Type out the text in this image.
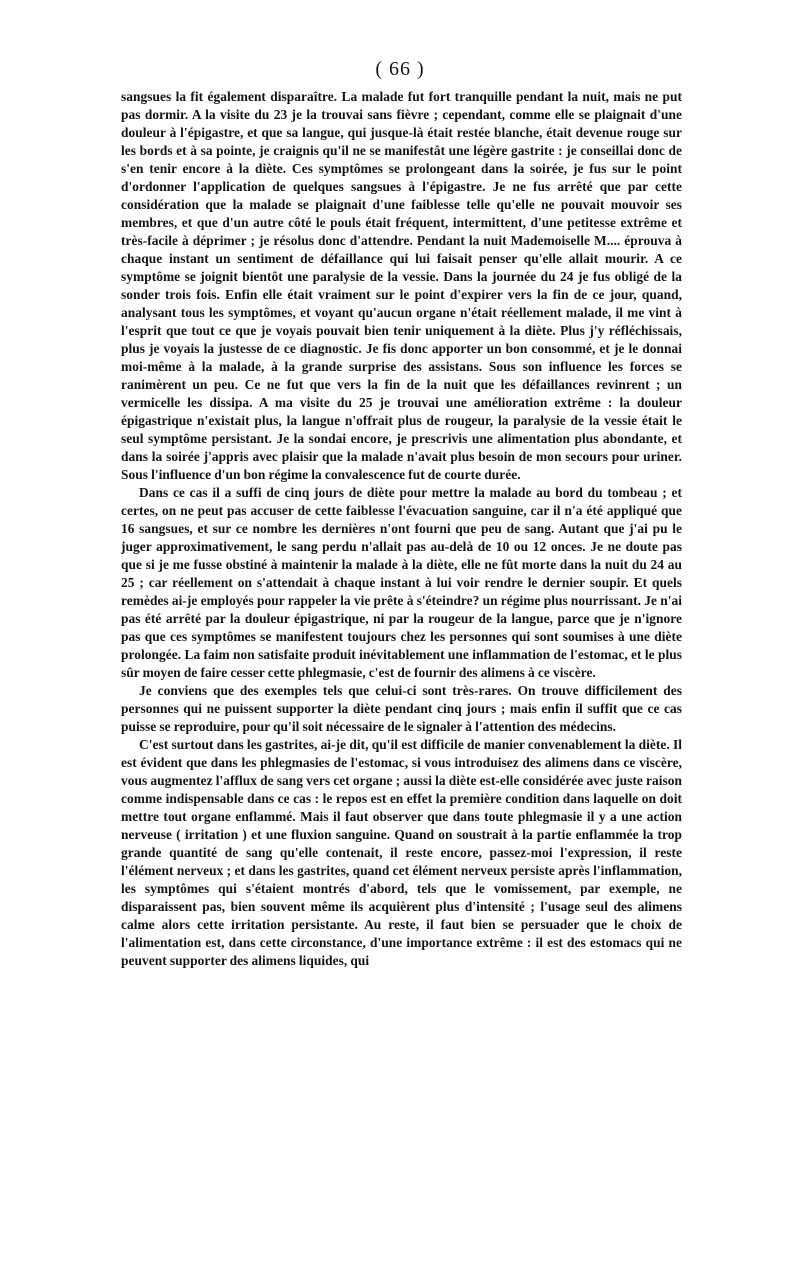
( 66 )

sangsues la fit également disparaître. La malade fut fort tranquille pendant la nuit, mais ne put pas dormir. A la visite du 23 je la trouvai sans fièvre ; cependant, comme elle se plaignait d'une douleur à l'épigastre, et que sa langue, qui jusque-là était restée blanche, était devenue rouge sur les bords et à sa pointe, je craignis qu'il ne se manifestât une légère gastrite : je conseillai donc de s'en tenir encore à la diète. Ces symptômes se prolongeant dans la soirée, je fus sur le point d'ordonner l'application de quelques sangsues à l'épigastre. Je ne fus arrêté que par cette considération que la malade se plaignait d'une faiblesse telle qu'elle ne pouvait mouvoir ses membres, et que d'un autre côté le pouls était fréquent, intermittent, d'une petitesse extrême et très-facile à déprimer ; je résolus donc d'attendre. Pendant la nuit Mademoiselle M.... éprouva à chaque instant un sentiment de défaillance qui lui faisait penser qu'elle allait mourir. A ce symptôme se joignit bientôt une paralysie de la vessie. Dans la journée du 24 je fus obligé de la sonder trois fois. Enfin elle était vraiment sur le point d'expirer vers la fin de ce jour, quand, analysant tous les symptômes, et voyant qu'aucun organe n'était réellement malade, il me vint à l'esprit que tout ce que je voyais pouvait bien tenir uniquement à la diète. Plus j'y réfléchissais, plus je voyais la justesse de ce diagnostic. Je fis donc apporter un bon consommé, et je le donnai moi-même à la malade, à la grande surprise des assistans. Sous son influence les forces se ranimèrent un peu. Ce ne fut que vers la fin de la nuit que les défaillances revinrent ; un vermicelle les dissipa. A ma visite du 25 je trouvai une amélioration extrême : la douleur épigastrique n'existait plus, la langue n'offrait plus de rougeur, la paralysie de la vessie était le seul symptôme persistant. Je la sondai encore, je prescrivis une alimentation plus abondante, et dans la soirée j'appris avec plaisir que la malade n'avait plus besoin de mon secours pour uriner. Sous l'influence d'un bon régime la convalescence fut de courte durée.

Dans ce cas il a suffi de cinq jours de diète pour mettre la malade au bord du tombeau ; et certes, on ne peut pas accuser de cette faiblesse l'évacuation sanguine, car il n'a été appliqué que 16 sangsues, et sur ce nombre les dernières n'ont fourni que peu de sang. Autant que j'ai pu le juger approximativement, le sang perdu n'allait pas au-delà de 10 ou 12 onces. Je ne doute pas que si je me fusse obstiné à maintenir la malade à la diète, elle ne fût morte dans la nuit du 24 au 25 ; car réellement on s'attendait à chaque instant à lui voir rendre le dernier soupir. Et quels remèdes ai-je employés pour rappeler la vie prête à s'éteindre? un régime plus nourrissant. Je n'ai pas été arrêté par la douleur épigastrique, ni par la rougeur de la langue, parce que je n'ignore pas que ces symptômes se manifestent toujours chez les personnes qui sont soumises à une diète prolongée. La faim non satisfaite produit inévitablement une inflammation de l'estomac, et le plus sûr moyen de faire cesser cette phlegmasie, c'est de fournir des alimens à ce viscère.

Je conviens que des exemples tels que celui-ci sont très-rares. On trouve difficilement des personnes qui ne puissent supporter la diète pendant cinq jours ; mais enfin il suffit que ce cas puisse se reproduire, pour qu'il soit nécessaire de le signaler à l'attention des médecins.

C'est surtout dans les gastrites, ai-je dit, qu'il est difficile de manier convenablement la diète. Il est évident que dans les phlegmasies de l'estomac, si vous introduisez des alimens dans ce viscère, vous augmentez l'afflux de sang vers cet organe ; aussi la diète est-elle considérée avec juste raison comme indispensable dans ce cas : le repos est en effet la première condition dans laquelle on doit mettre tout organe enflammé. Mais il faut observer que dans toute phlegmasie il y a une action nerveuse ( irritation ) et une fluxion sanguine. Quand on soustrait à la partie enflammée la trop grande quantité de sang qu'elle contenait, il reste encore, passez-moi l'expression, il reste l'élément nerveux ; et dans les gastrites, quand cet élément nerveux persiste après l'inflammation, les symptômes qui s'étaient montrés d'abord, tels que le vomissement, par exemple, ne disparaissent pas, bien souvent même ils acquièrent plus d'intensité ; l'usage seul des alimens calme alors cette irritation persistante. Au reste, il faut bien se persuader que le choix de l'alimentation est, dans cette circonstance, d'une importance extrême : il est des estomacs qui ne peuvent supporter des alimens liquides, qui
